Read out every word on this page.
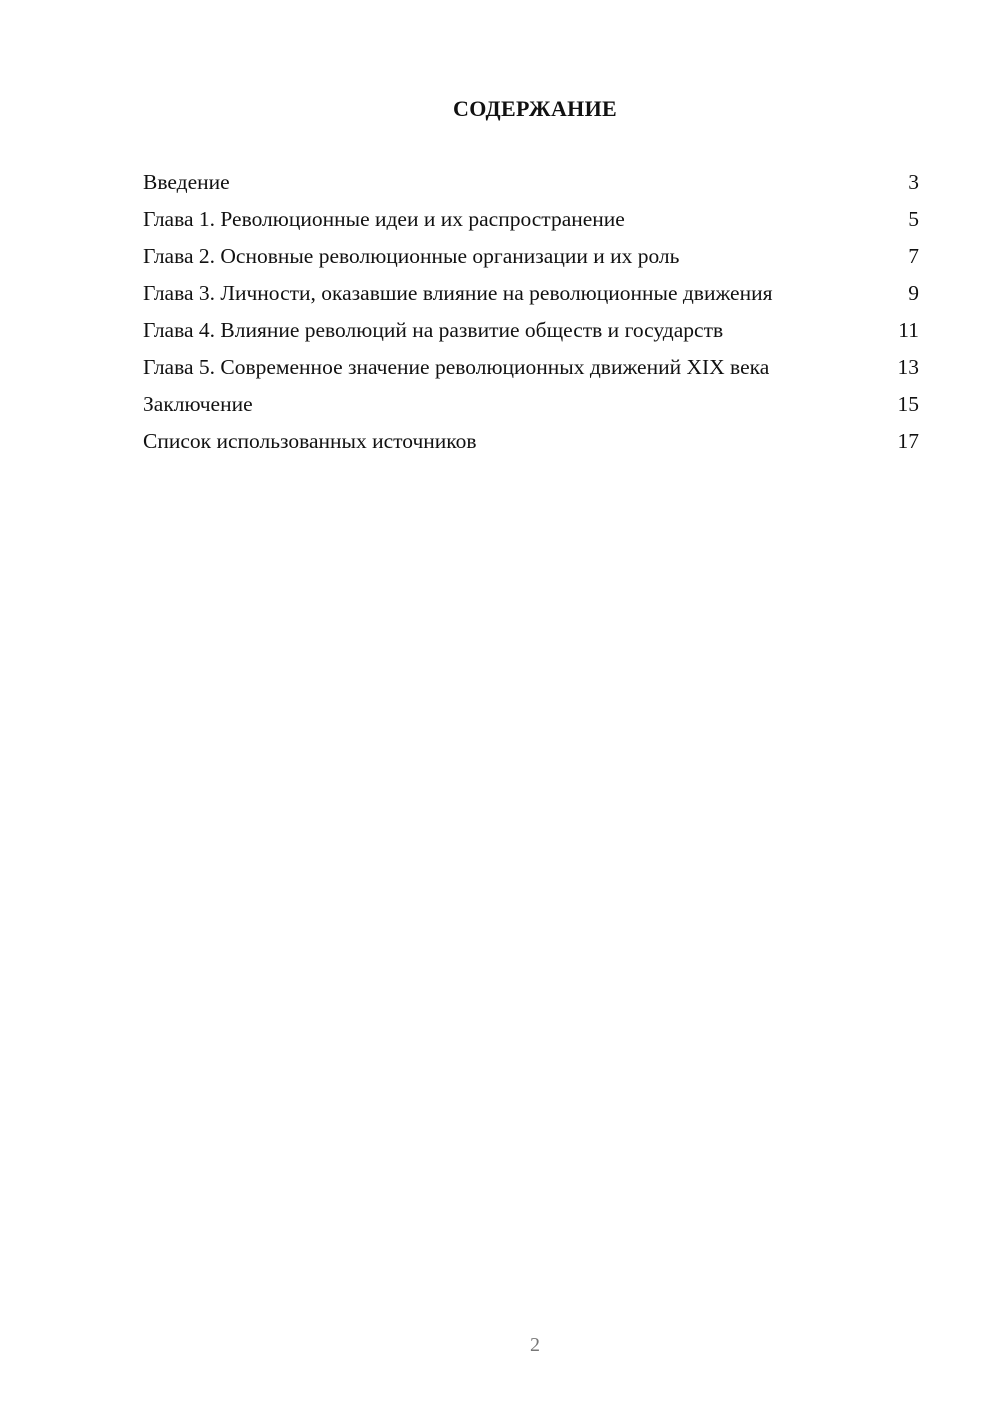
СОДЕРЖАНИЕ
Введение	3
Глава 1. Революционные идеи и их распространение	5
Глава 2. Основные революционные организации и их роль	7
Глава 3. Личности, оказавшие влияние на революционные движения	9
Глава 4. Влияние революций на развитие обществ и государств	11
Глава 5. Современное значение революционных движений XIX века	13
Заключение	15
Список использованных источников	17
2
